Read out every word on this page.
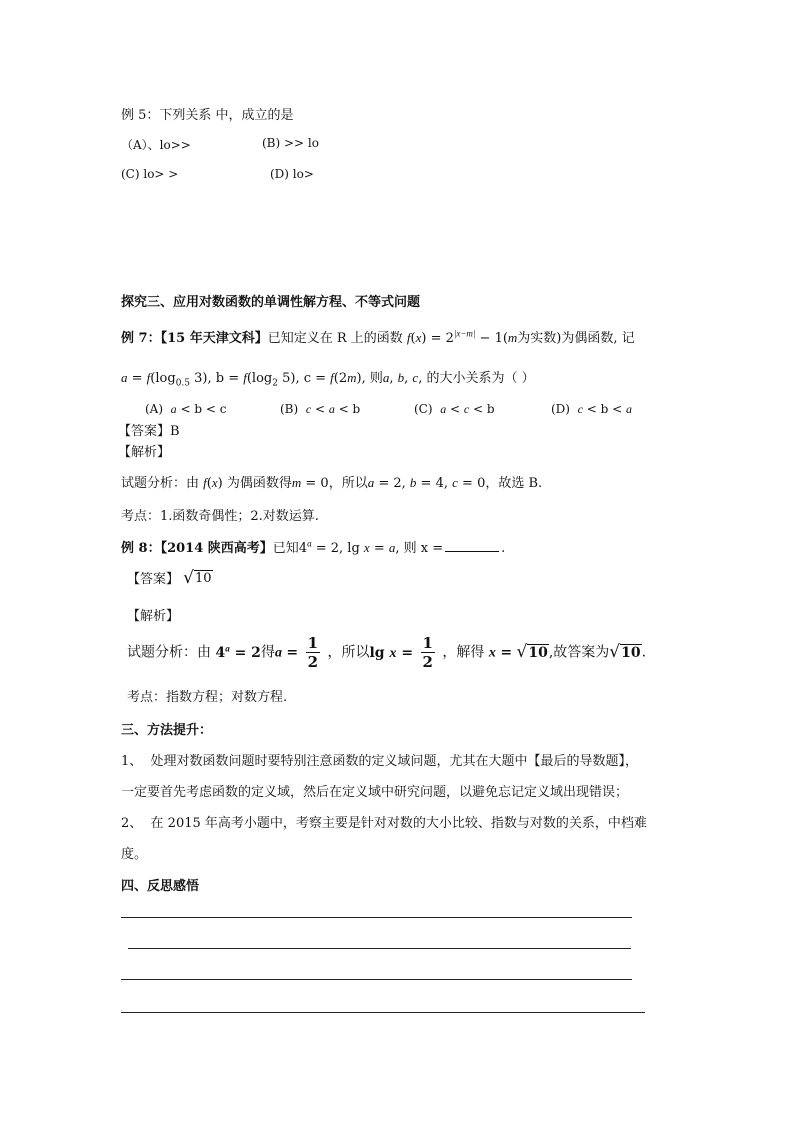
例 5：下列关系 中，成立的是
（A）、lo>>	(B) >> lo
(C) lo> >	(D) lo>
探究三、应用对数函数的单调性解方程、不等式问题
例 7：【15 年天津文科】已知定义在 R 上的函数 $f(x) = 2^{|x-m|} - 1(m$为实数)为偶函数, 记
$a = f(\log_{0.5}$ 3), $b = f(\log_2$ 5), c = f(2m), 则a, b, c, 的大小关系为（ ）
(A) a < b < c	(B) c < a < b	(C) a < c < b	(D) c < b < a
【答案】B
【解析】
试题分析：由 f(x) 为偶函数得m = 0，所以a = 2, b = 4, c = 0，故选 B.
考点：1.函数奇偶性；2.对数运算.
例 8：【2014 陕西高考】已知$4^a = 2$, lg x = a, 则 x =	.
【答案】 √ 10
【解析】
试题分析：由 $4^a = 2$得$a = \frac{1}{2}$ ，所以$\lg x = \frac{1}{2}$ ，解得 x = √ 10 ,故答案为 √ 10 .
考点：指数方程；对数方程.
三、方法提升：
1、 处理对数函数问题时要特别注意函数的定义域问题，尤其在大题中【最后的导数题】，
一定要首先考虑函数的定义域，然后在定义域中研究问题，以避免忘记定义域出现错误；
2、 在 2015 年高考小题中，考察主要是针对对数的大小比较、指数与对数的关系，中档难
度。
四、反思感悟
